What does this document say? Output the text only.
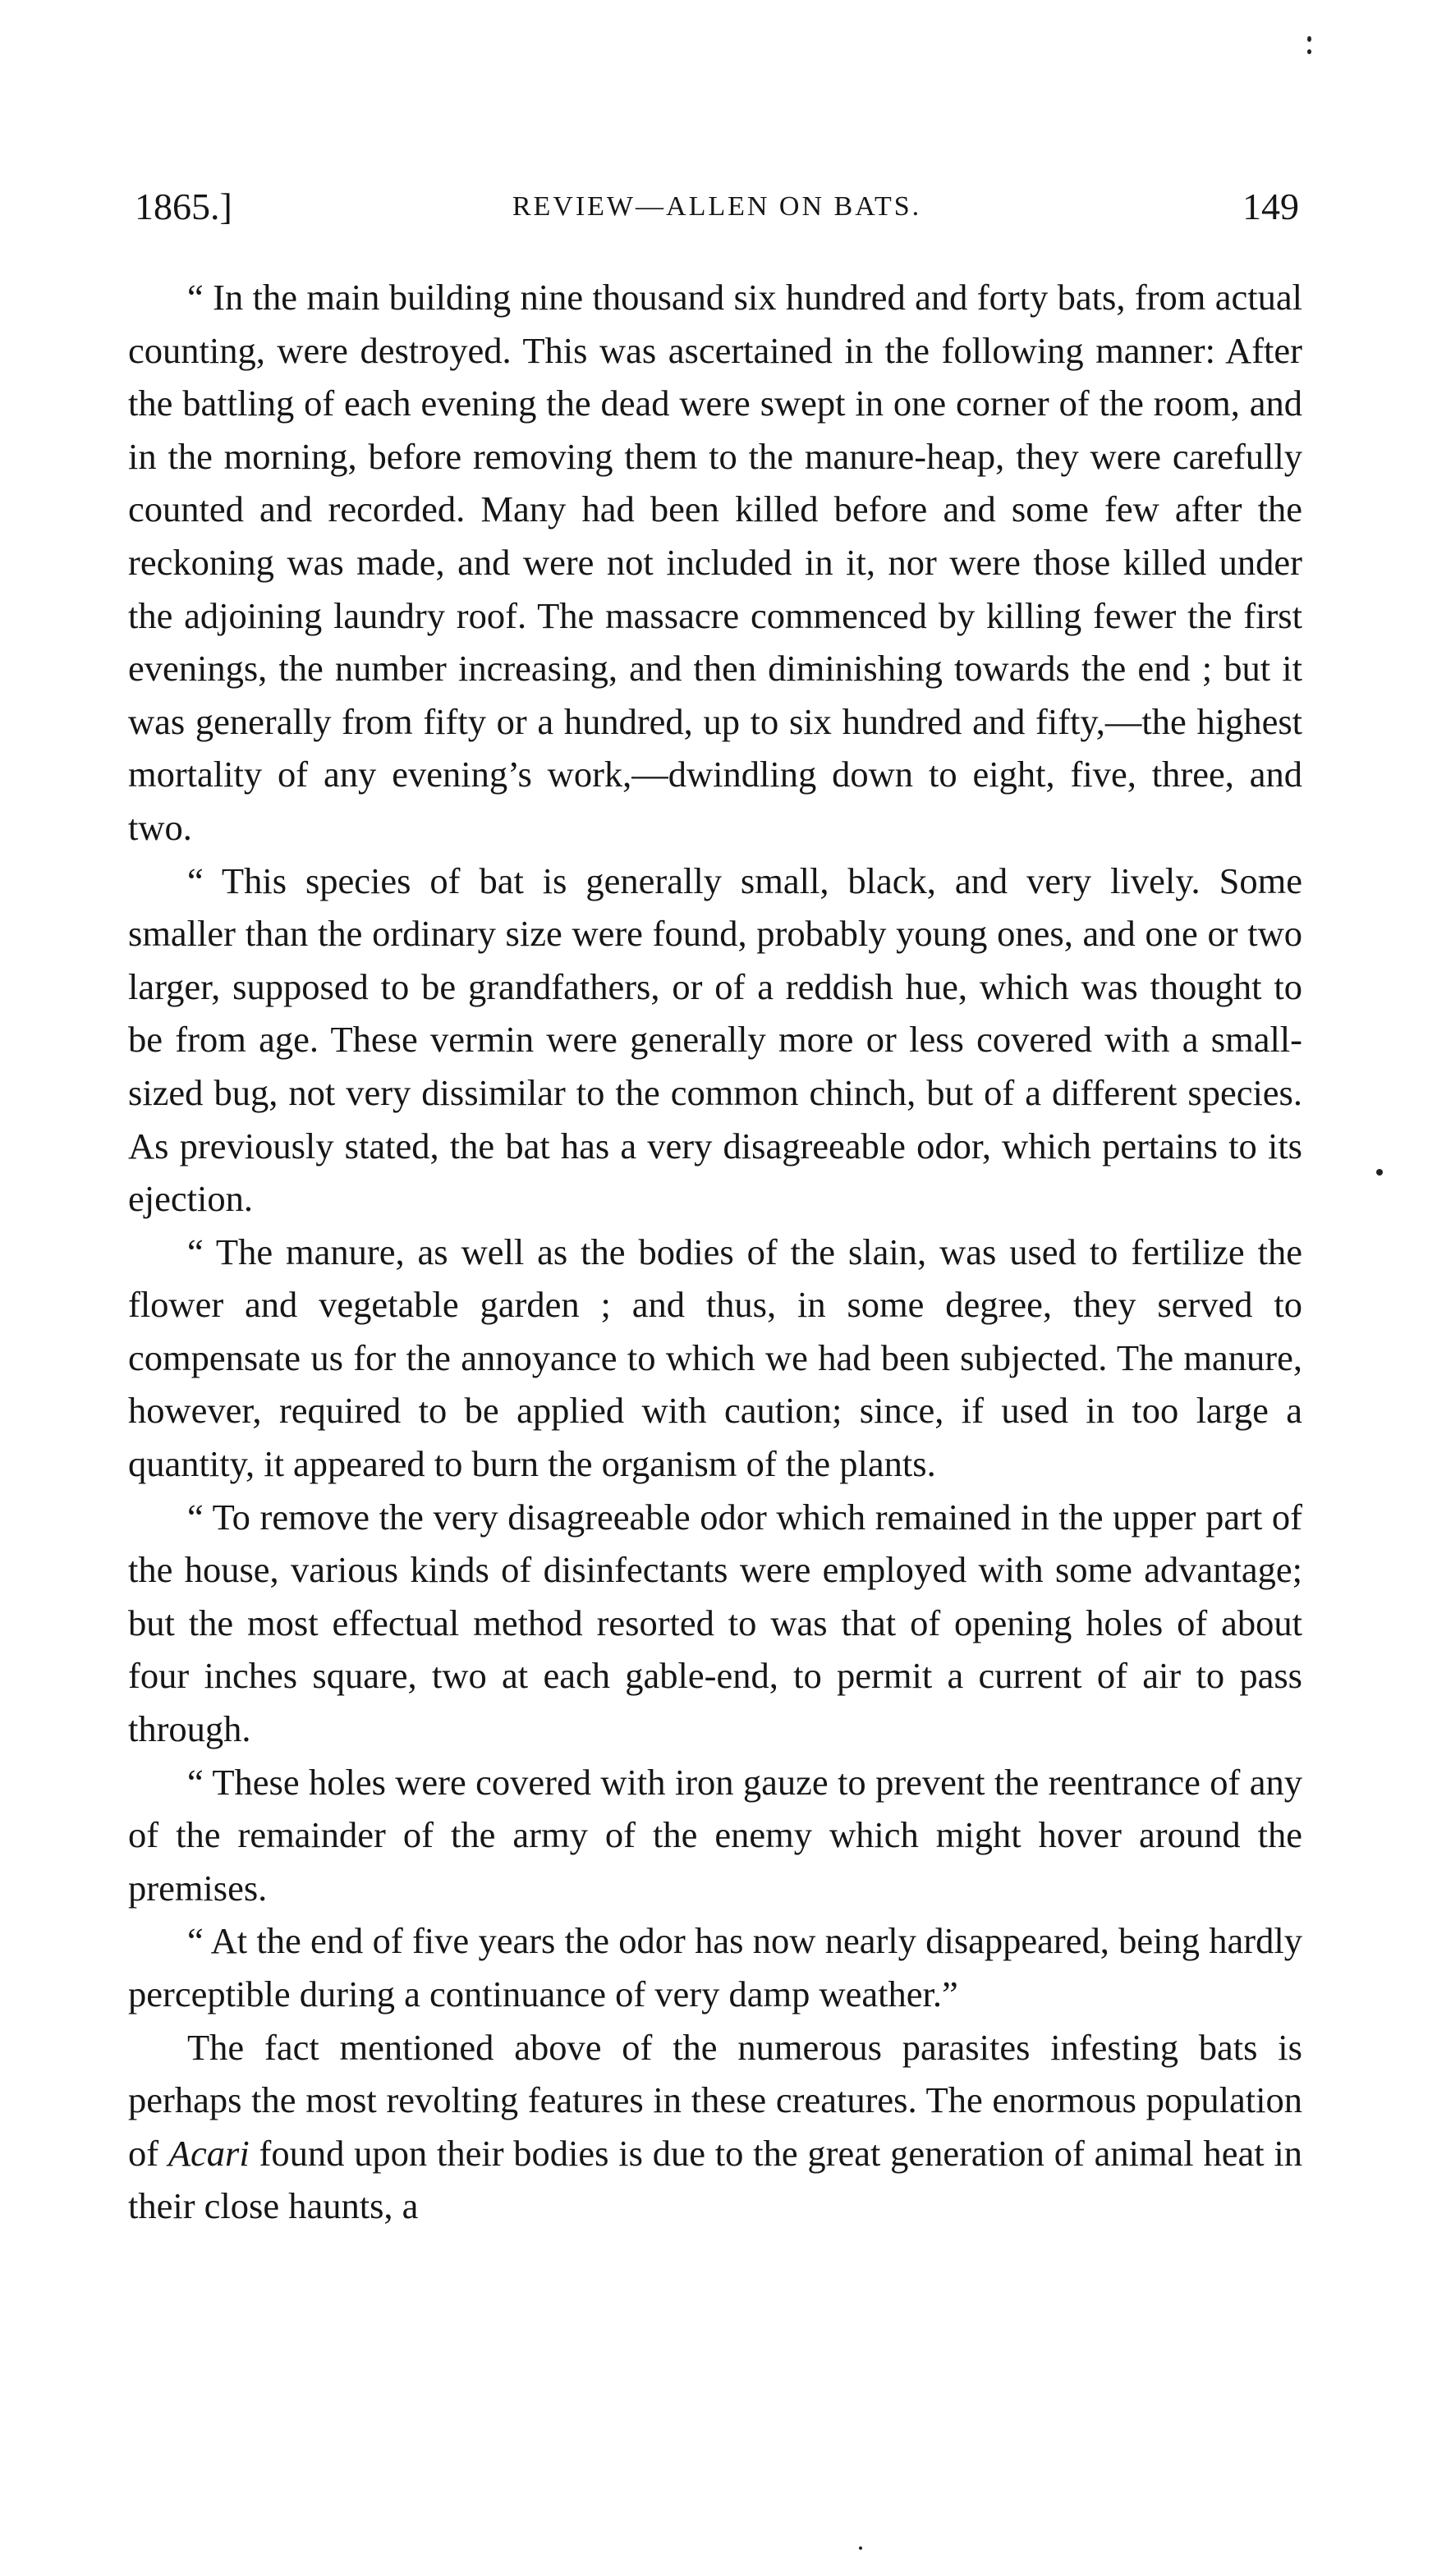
1865.]	REVIEW—ALLEN ON BATS.	149

“ In the main building nine thousand six hundred and forty bats, from actual counting, were destroyed. This was ascertained in the following manner: After the battling of each evening the dead were swept in one corner of the room, and in the morning, before removing them to the manure-heap, they were carefully counted and recorded. Many had been killed before and some few after the reckoning was made, and were not included in it, nor were those killed under the adjoining laundry roof. The massacre commenced by killing fewer the first evenings, the number increasing, and then diminishing towards the end ; but it was generally from fifty or a hundred, up to six hundred and fifty,—the highest mortality of any evening’s work,—dwindling down to eight, five, three, and two.

“ This species of bat is generally small, black, and very lively. Some smaller than the ordinary size were found, probably young ones, and one or two larger, supposed to be grandfathers, or of a reddish hue, which was thought to be from age. These vermin were generally more or less covered with a small-sized bug, not very dissimilar to the common chinch, but of a different species. As previously stated, the bat has a very disagreeable odor, which pertains to its ejection.

“ The manure, as well as the bodies of the slain, was used to fertilize the flower and vegetable garden ; and thus, in some degree, they served to compensate us for the annoyance to which we had been subjected. The manure, however, required to be applied with caution; since, if used in too large a quantity, it appeared to burn the organism of the plants.

“ To remove the very disagreeable odor which remained in the upper part of the house, various kinds of disinfectants were employed with some advantage; but the most effectual method resorted to was that of opening holes of about four inches square, two at each gable-end, to permit a current of air to pass through.

“ These holes were covered with iron gauze to prevent the reentrance of any of the remainder of the army of the enemy which might hover around the premises.

“ At the end of five years the odor has now nearly disappeared, being hardly perceptible during a continuance of very damp weather.”

The fact mentioned above of the numerous parasites infesting bats is perhaps the most revolting features in these creatures. The enormous population of Acari found upon their bodies is due to the great generation of animal heat in their close haunts, a
